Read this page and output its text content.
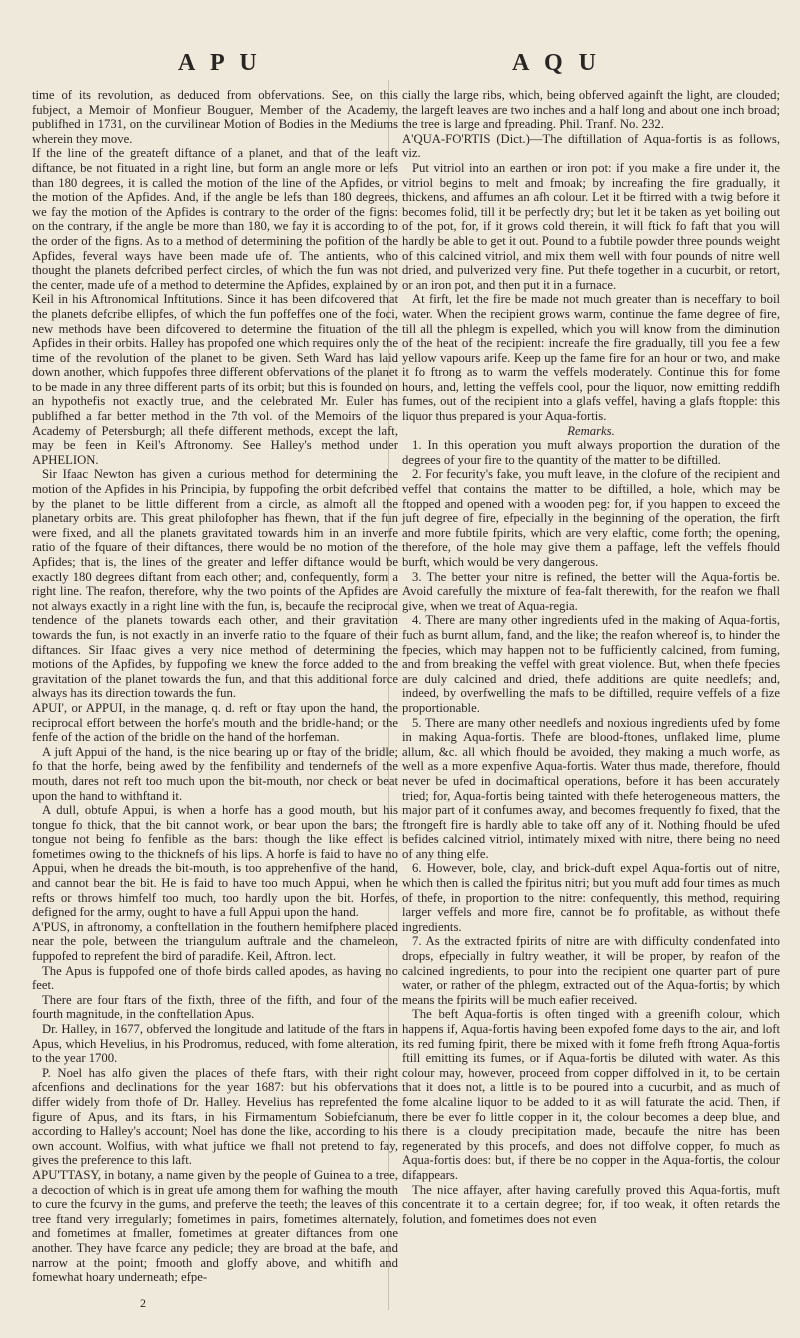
A P U	A Q U

time of its revolution, as deduced from obfervations. See, on this fubject, a Memoir of Monfieur Bouguer, Member of the Academy, publifhed in 1731, on the curvilinear Motion of Bodies in the Mediums wherein they move.

If the line of the greateft diftance of a planet, and that of the leaft diftance, be not fituated in a right line, but form an angle more or lefs than 180 degrees, it is called the motion of the line of the Apfides, or the motion of the Apfides. And, if the angle be lefs than 180 degrees, we fay the motion of the Apfides is contrary to the order of the figns: on the contrary, if the angle be more than 180, we fay it is according to the order of the figns. As to a method of determining the pofition of the Apfides, feveral ways have been made ufe of. The antients, who thought the planets defcribed perfect circles, of which the fun was not the center, made ufe of a method to determine the Apfides, explained by Keil in his Aftronomical Inftitutions. Since it has been difcovered that the planets defcribe ellipfes, of which the fun poffeffes one of the foci, new methods have been difcovered to determine the fituation of the Apfides in their orbits. Halley has propofed one which requires only the time of the revolution of the planet to be given. Seth Ward has laid down another, which fuppofes three different obfervations of the planet to be made in any three different parts of its orbit; but this is founded on an hypothefis not exactly true, and the celebrated Mr. Euler has publifhed a far better method in the 7th vol. of the Memoirs of the Academy of Petersburgh; all thefe different methods, except the laft, may be feen in Keil's Aftronomy. See Halley's method under APHELION.

Sir Ifaac Newton has given a curious method for determining the motion of the Apfides in his Principia, by fuppofing the orbit defcribed by the planet to be little different from a circle, as almoft all the planetary orbits are. This great philofopher has fhewn, that if the fun were fixed, and all the planets gravitated towards him in an inverfe ratio of the fquare of their diftances, there would be no motion of the Apfides; that is, the lines of the greater and leffer diftance would be exactly 180 degrees diftant from each other; and, confequently, form a right line. The reafon, therefore, why the two points of the Apfides are not always exactly in a right line with the fun, is, becaufe the reciprocal tendence of the planets towards each other, and their gravitation towards the fun, is not exactly in an inverfe ratio to the fquare of their diftances. Sir Ifaac gives a very nice method of determining the motions of the Apfides, by fuppofing we knew the force added to the gravitation of the planet towards the fun, and that this additional force always has its direction towards the fun.

APUI', or APPUI, in the manage, q. d. reft or ftay upon the hand, the reciprocal effort between the horfe's mouth and the bridle-hand; or the fenfe of the action of the bridle on the hand of the horfeman.

A juft Appui of the hand, is the nice bearing up or ftay of the bridle; fo that the horfe, being awed by the fenfibility and tendernefs of the mouth, dares not reft too much upon the bit-mouth, nor check or beat upon the hand to withftand it.

A dull, obtufe Appui, is when a horfe has a good mouth, but his tongue fo thick, that the bit cannot work, or bear upon the bars; the tongue not being fo fenfible as the bars: though the like effect is fometimes owing to the thicknefs of his lips. A horfe is faid to have no Appui, when he dreads the bit-mouth, is too apprehenfive of the hand, and cannot bear the bit. He is faid to have too much Appui, when he refts or throws himfelf too much, too hardly upon the bit. Horfes, defigned for the army, ought to have a full Appui upon the hand.

A'PUS, in aftronomy, a conftellation in the fouthern hemifphere placed near the pole, between the triangulum auftrale and the chameleon, fuppofed to reprefent the bird of paradife. Keil, Aftron. lect.

The Apus is fuppofed one of thofe birds called apodes, as having no feet.

There are four ftars of the fixth, three of the fifth, and four of the fourth magnitude, in the conftellation Apus.

Dr. Halley, in 1677, obferved the longitude and latitude of the ftars in Apus, which Hevelius, in his Prodromus, reduced, with fome alteration, to the year 1700.

P. Noel has alfo given the places of thefe ftars, with their right afcenfions and declinations for the year 1687: but his obfervations differ widely from thofe of Dr. Halley. Hevelius has reprefented the figure of Apus, and its ftars, in his Firmamentum Sobiefcianum, according to Halley's account; Noel has done the like, according to his own account. Wolfius, with what juftice we fhall not pretend to fay, gives the preference to this laft.

APU'TTASY, in botany, a name given by the people of Guinea to a tree, a decoction of which is in great ufe among them for wafhing the mouth to cure the fcurvy in the gums, and preferve the teeth; the leaves of this tree ftand very irregularly; fometimes in pairs, fometimes alternately, and fometimes at fmaller, fometimes at greater diftances from one another. They have fcarce any pedicle; they are broad at the bafe, and narrow at the point; fmooth and gloffy above, and whitifh and fomewhat hoary underneath; efpe-

cially the large ribs, which, being obferved againft the light, are clouded; the largeft leaves are two inches and a half long and about one inch broad; the tree is large and fpreading. Phil. Tranf. No. 232.

A'QUA-FO'RTIS (Dict.)—The diftillation of Aqua-fortis is as follows, viz.

Put vitriol into an earthen or iron pot: if you make a fire under it, the vitriol begins to melt and fmoak; by increafing the fire gradually, it thickens, and affumes an afh colour. Let it be ftirred with a twig before it becomes folid, till it be perfectly dry; but let it be taken as yet boiling out of the pot, for, if it grows cold therein, it will ftick fo faft that you will hardly be able to get it out. Pound to a fubtile powder three pounds weight of this calcined vitriol, and mix them well with four pounds of nitre well dried, and pulverized very fine. Put thefe together in a cucurbit, or retort, or an iron pot, and then put it in a furnace.

At firft, let the fire be made not much greater than is neceffary to boil water. When the recipient grows warm, continue the fame degree of fire, till all the phlegm is expelled, which you will know from the diminution of the heat of the recipient: increafe the fire gradually, till you fee a few yellow vapours arife. Keep up the fame fire for an hour or two, and make it fo ftrong as to warm the veffels moderately. Continue this for fome hours, and, letting the veffels cool, pour the liquor, now emitting reddifh fumes, out of the recipient into a glafs veffel, having a glafs ftopple: this liquor thus prepared is your Aqua-fortis.

Remarks.

1. In this operation you muft always proportion the duration of the degrees of your fire to the quantity of the matter to be diftilled.

2. For fecurity's fake, you muft leave, in the clofure of the recipient and veffel that contains the matter to be diftilled, a hole, which may be ftopped and opened with a wooden peg: for, if you happen to exceed the juft degree of fire, efpecially in the beginning of the operation, the firft and more fubtile fpirits, which are very elaftic, come forth; the opening, therefore, of the hole may give them a paffage, left the veffels fhould burft, which would be very dangerous.

3. The better your nitre is refined, the better will the Aqua-fortis be. Avoid carefully the mixture of fea-falt therewith, for the reafon we fhall give, when we treat of Aqua-regia.

4. There are many other ingredients ufed in the making of Aqua-fortis, fuch as burnt allum, fand, and the like; the reafon whereof is, to hinder the fpecies, which may happen not to be fufficiently calcined, from fuming, and from breaking the veffel with great violence. But, when thefe fpecies are duly calcined and dried, thefe additions are quite needlefs; and, indeed, by overfwelling the mafs to be diftilled, require veffels of a fize proportionable.

5. There are many other needlefs and noxious ingredients ufed by fome in making Aqua-fortis. Thefe are blood-ftones, unflaked lime, plume allum, &c. all which fhould be avoided, they making a much worfe, as well as a more expenfive Aqua-fortis. Water thus made, therefore, fhould never be ufed in docimaftical operations, before it has been accurately tried; for, Aqua-fortis being tainted with thefe heterogeneous matters, the major part of it confumes away, and becomes frequently fo fixed, that the ftrongeft fire is hardly able to take off any of it. Nothing fhould be ufed befides calcined vitriol, intimately mixed with nitre, there being no need of any thing elfe.

6. However, bole, clay, and brick-duft expel Aqua-fortis out of nitre, which then is called the fpiritus nitri; but you muft add four times as much of thefe, in proportion to the nitre: confequently, this method, requiring larger veffels and more fire, cannot be fo profitable, as without thefe ingredients.

7. As the extracted fpirits of nitre are with difficulty condenfated into drops, efpecially in fultry weather, it will be proper, by reafon of the calcined ingredients, to pour into the recipient one quarter part of pure water, or rather of the phlegm, extracted out of the Aqua-fortis; by which means the fpirits will be much eafier received.

The beft Aqua-fortis is often tinged with a greenifh colour, which happens if, Aqua-fortis having been expofed fome days to the air, and loft its red fuming fpirit, there be mixed with it fome frefh ftrong Aqua-fortis ftill emitting its fumes, or if Aqua-fortis be diluted with water. As this colour may, however, proceed from copper diffolved in it, to be certain that it does not, a little is to be poured into a cucurbit, and as much of fome alcaline liquor to be added to it as will faturate the acid. Then, if there be ever fo little copper in it, the colour becomes a deep blue, and there is a cloudy precipitation made, becaufe the nitre has been regenerated by this procefs, and does not diffolve copper, fo much as Aqua-fortis does: but, if there be no copper in the Aqua-fortis, the colour difappears.

The nice affayer, after having carefully proved this Aqua-fortis, muft concentrate it to a certain degree; for, if too weak, it often retards the folution, and fometimes does not even

2
